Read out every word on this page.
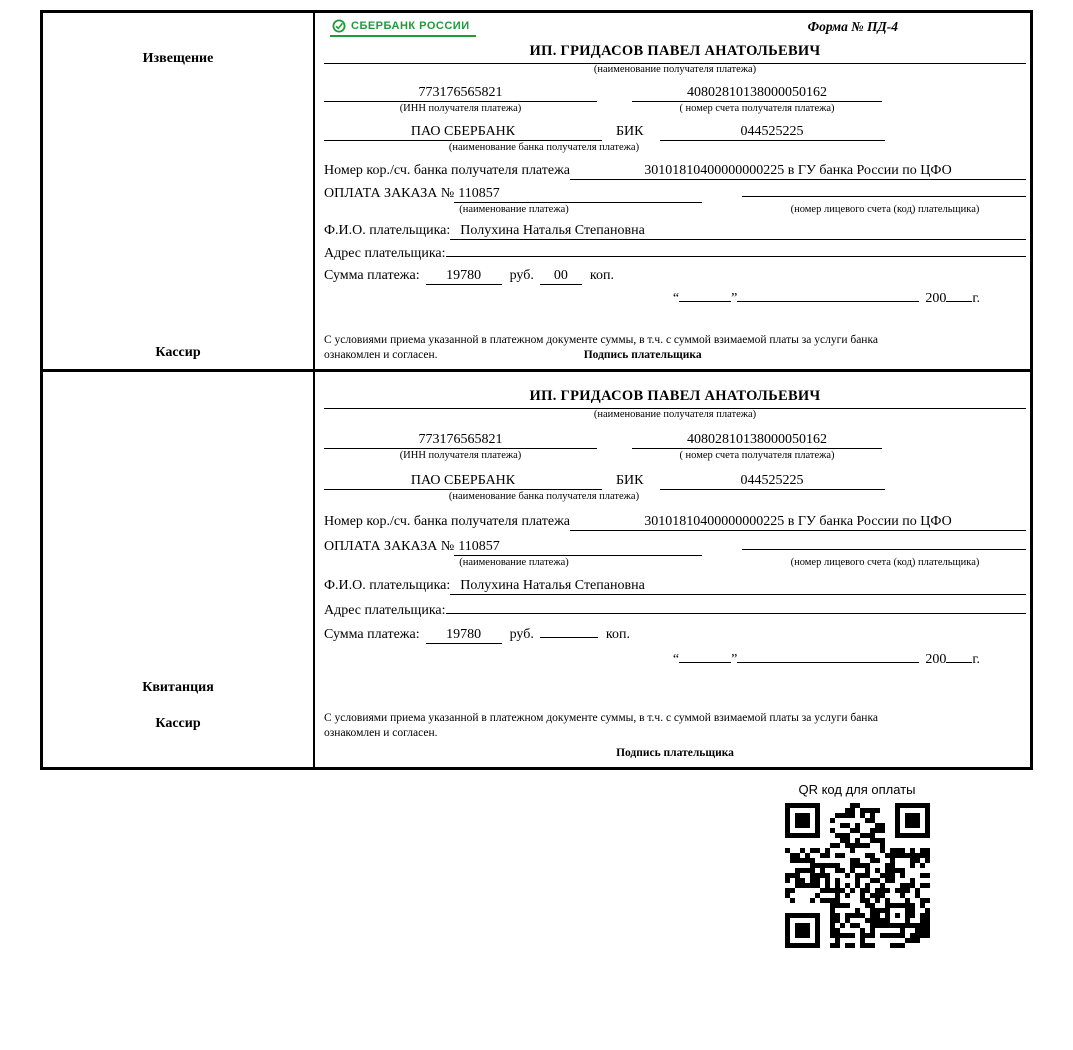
Извещение
Кассир
СБЕРБАНК РОССИИ	Форма № ПД-4
ИП. ГРИДАСОВ ПАВЕЛ АНАТОЛЬЕВИЧ
(наименование получателя платежа)
773176565821	40802810138000050162
(ИНН получателя платежа)	( номер счета получателя платежа)
ПАО СБЕРБАНК	БИК	044525225
(наименование банка получателя платежа)
Номер кор./сч. банка получателя платежа	30101810400000000225 в ГУ банка России по ЦФО
ОПЛАТА ЗАКАЗА № 110857
(наименование платежа)	(номер лицевого счета (код) плательщика)
Ф.И.О. плательщика: Полухина Наталья Степановна
Адрес плательщика:
Сумма платежа:	19780	руб.	00	коп.
“	”	200 г.
С условиями приема указанной в платежном документе суммы, в т.ч. с суммой взимаемой платы за услуги банка
ознакомлен и согласен.	Подпись плательщика
Квитанция
Кассир
ИП. ГРИДАСОВ ПАВЕЛ АНАТОЛЬЕВИЧ
(наименование получателя платежа)
773176565821	40802810138000050162
(ИНН получателя платежа)	( номер счета получателя платежа)
ПАО СБЕРБАНК	БИК	044525225
(наименование банка получателя платежа)
Номер кор./сч. банка получателя платежа	30101810400000000225 в ГУ банка России по ЦФО
ОПЛАТА ЗАКАЗА № 110857
(наименование платежа)	(номер лицевого счета (код) плательщика)
Ф.И.О. плательщика: Полухина Наталья Степановна
Адрес плательщика:
Сумма платежа:	19780	руб.	коп.
“	”	200 г.
С условиями приема указанной в платежном документе суммы, в т.ч. с суммой взимаемой платы за услуги банка
ознакомлен и согласен.
Подпись плательщика
QR код для оплаты
